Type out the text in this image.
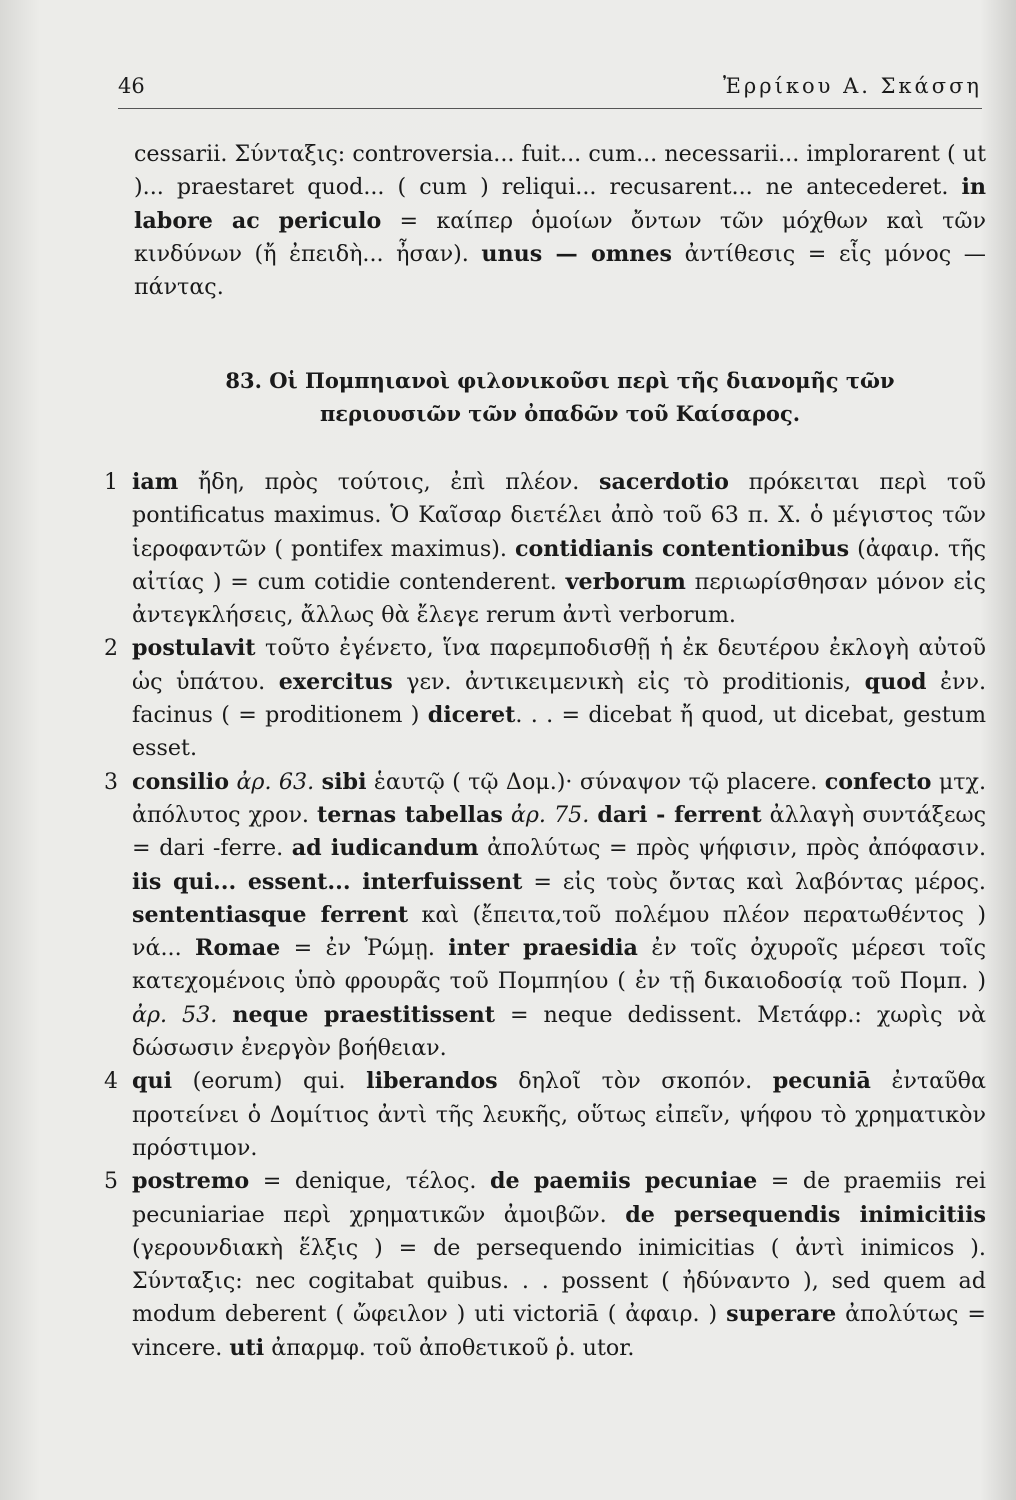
46	Ἐρρίκου Α. Σκάσση

cessarii. Σύνταξις: controversia... fuit... cum... necessarii... implorarent ( ut )... praestaret quod... ( cum ) reliqui... recusarent... ne antecederet. in labore ac periculo = καίπερ ὁμοίων ὄντων τῶν μόχθων καὶ τῶν κινδύνων (ἤ ἐπειδὴ... ἦσαν). unus — omnes ἀντίθεσις = εἷς μόνος — πάντας.

83. Οἱ Πομπηιανοὶ φιλονικοῦσι περὶ τῆς διανομῆς τῶν
περιουσιῶν τῶν ὀπαδῶν τοῦ Καίσαρος.

1 iam ἤδη, πρὸς τούτοις, ἐπὶ πλέον. sacerdotio πρόκειται περὶ τοῦ pontificatus maximus. Ὁ Καῖσαρ διετέλει ἀπὸ τοῦ 63 π. Χ. ὁ μέγιστος τῶν ἱεροφαντῶν ( pontifex maximus). contidianis contentionibus (ἀφαιρ. τῆς αἰτίας ) = cum cotidie contenderent. verborum περιωρίσθησαν μόνον εἰς ἀντεγκλήσεις, ἄλλως θὰ ἔλεγε rerum ἀντὶ verborum.

2 postulavit τοῦτο ἐγένετο, ἵνα παρεμποδισθῇ ἡ ἐκ δευτέρου ἐκλογὴ αὐτοῦ ὡς ὑπάτου. exercitus γεν. ἀντικειμενικὴ εἰς τὸ proditionis, quod ἐνν. facinus ( = proditionem ) diceret. . . = dicebat ἤ quod, ut dicebat, gestum esset.

3 consilio ἀρ. 63. sibi ἑαυτῷ ( τῷ Δομ.)· σύναψον τῷ placere. confecto μτχ. ἀπόλυτος χρον. ternas tabellas ἀρ. 75. dari - ferrent ἀλλαγὴ συντάξεως = dari -ferre. ad iudicandum ἀπολύτως = πρὸς ψήφισιν, πρὸς ἀπόφασιν. iis qui... essent... interfuissent = εἰς τοὺς ὄντας καὶ λαβόντας μέρος. sententiasque ferrent καὶ (ἔπειτα,τοῦ πολέμου πλέον περατωθέντος ) νά... Romae = ἐν Ῥώμῃ. inter praesidia ἐν τοῖς ὀχυροῖς μέρεσι τοῖς κατεχομένοις ὑπὸ φρουρᾶς τοῦ Πομπηίου ( ἐν τῇ δικαιοδοσίᾳ τοῦ Πομπ. ) ἀρ. 53. neque praestitissent = neque dedissent. Μετάφρ.: χωρὶς νὰ δώσωσιν ἐνεργὸν βοήθειαν.

4 qui (eorum) qui. liberandos δηλοῖ τὸν σκοπόν. pecuniā ἐνταῦθα προτείνει ὁ Δομίτιος ἀντὶ τῆς λευκῆς, οὕτως εἰπεῖν, ψήφου τὸ χρηματικὸν πρόστιμον.

5 postremo = denique, τέλος. de paemiis pecuniae = de praemiis rei pecuniariae περὶ χρηματικῶν ἀμοιβῶν. de persequendis inimicitiis (γερουνδιακὴ ἕλξις ) = de persequendo inimicitias ( ἀντὶ inimicos ). Σύνταξις: nec cogitabat quibus. . . possent ( ἠδύναντο ), sed quem ad modum deberent ( ὤφειλον ) uti victoriā ( ἀφαιρ. ) superare ἀπολύτως = vincere. uti ἀπαρμφ. τοῦ ἀποθετικοῦ ῥ. utor.
